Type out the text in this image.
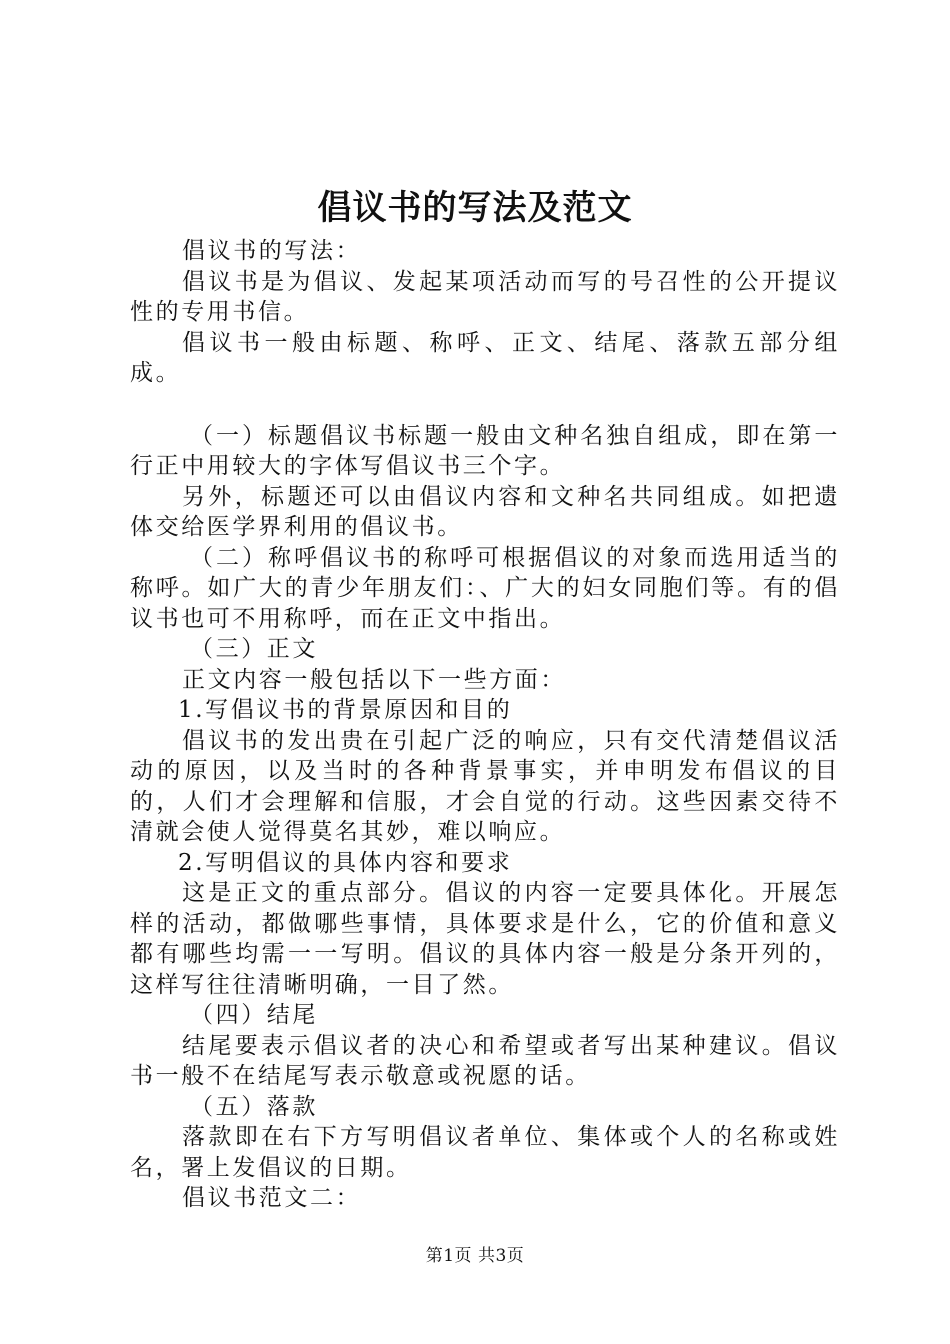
倡议书的写法及范文

倡议书的写法：

倡议书是为倡议、发起某项活动而写的号召性的公开提议性的专用书信。

倡议书一般由标题、称呼、正文、结尾、落款五部分组成。

（一）标题倡议书标题一般由文种名独自组成，即在第一行正中用较大的字体写倡议书三个字。

另外，标题还可以由倡议内容和文种名共同组成。如把遗体交给医学界利用的倡议书。

（二）称呼倡议书的称呼可根据倡议的对象而选用适当的称呼。如广大的青少年朋友们：、广大的妇女同胞们等。有的倡议书也可不用称呼，而在正文中指出。

（三）正文

正文内容一般包括以下一些方面：

1.写倡议书的背景原因和目的

倡议书的发出贵在引起广泛的响应，只有交代清楚倡议活动的原因，以及当时的各种背景事实，并申明发布倡议的目的，人们才会理解和信服，才会自觉的行动。这些因素交待不清就会使人觉得莫名其妙，难以响应。

2.写明倡议的具体内容和要求

这是正文的重点部分。倡议的内容一定要具体化。开展怎样的活动，都做哪些事情，具体要求是什么，它的价值和意义都有哪些均需一一写明。倡议的具体内容一般是分条开列的，这样写往往清晰明确，一目了然。

（四）结尾

结尾要表示倡议者的决心和希望或者写出某种建议。倡议书一般不在结尾写表示敬意或祝愿的话。

（五）落款

落款即在右下方写明倡议者单位、集体或个人的名称或姓名，署上发倡议的日期。

倡议书范文二：

第1页 共3页
